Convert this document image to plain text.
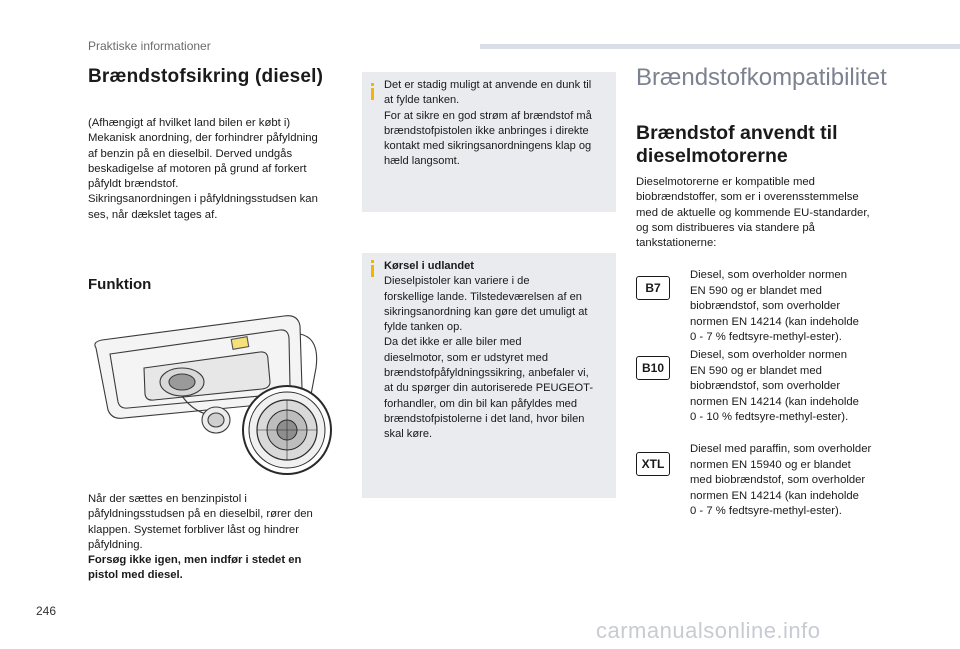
Praktiske informationer
Brændstofsikring (diesel)
(Afhængigt af hvilket land bilen er købt i)
Mekanisk anordning, der forhindrer påfyldning
af benzin på en dieselbil. Derved undgås
beskadigelse af motoren på grund af forkert
påfyldt brændstof.
Sikringsanordningen i påfyldningsstudsen kan
ses, når dækslet tages af.
Funktion
Når der sættes en benzinpistol i
påfyldningsstudsen på en dieselbil, rører den
klappen. Systemet forbliver låst og hindrer
påfyldning.
Forsøg ikke igen, men indfør i stedet en
pistol med diesel.
Det er stadig muligt at anvende en dunk til
at fylde tanken.
For at sikre en god strøm af brændstof må
brændstofpistolen ikke anbringes i direkte
kontakt med sikringsanordningens klap og
hæld langsomt.
Kørsel i udlandet
Dieselpistoler kan variere i de
forskellige lande. Tilstedeværelsen af en
sikringsanordning kan gøre det umuligt at
fylde tanken op.
Da det ikke er alle biler med
dieselmotor, som er udstyret med
brændstofpåfyldningssikring, anbefaler vi,
at du spørger din autoriserede PEUGEOT-
forhandler, om din bil kan påfyldes med
brændstofpistolerne i det land, hvor bilen
skal køre.
Brændstofkompatibilitet
Brændstof anvendt til
dieselmotorerne
Dieselmotorerne er kompatible med
biobrændstoffer, som er i overensstemmelse
med de aktuelle og kommende EU-standarder,
og som distribueres via standere på
tankstationerne:
B7
Diesel, som overholder normen
EN 590 og er blandet med
biobrændstof, som overholder
normen EN 14214 (kan indeholde
0 - 7 % fedtsyre-methyl-ester).
B10
Diesel, som overholder normen
EN 590 og er blandet med
biobrændstof, som overholder
normen EN 14214 (kan indeholde
0 - 10 % fedtsyre-methyl-ester).
XTL
Diesel med paraffin, som overholder
normen EN 15940 og er blandet
med biobrændstof, som overholder
normen EN 14214 (kan indeholde
0 - 7 % fedtsyre-methyl-ester).
246
carmanualsonline.info
